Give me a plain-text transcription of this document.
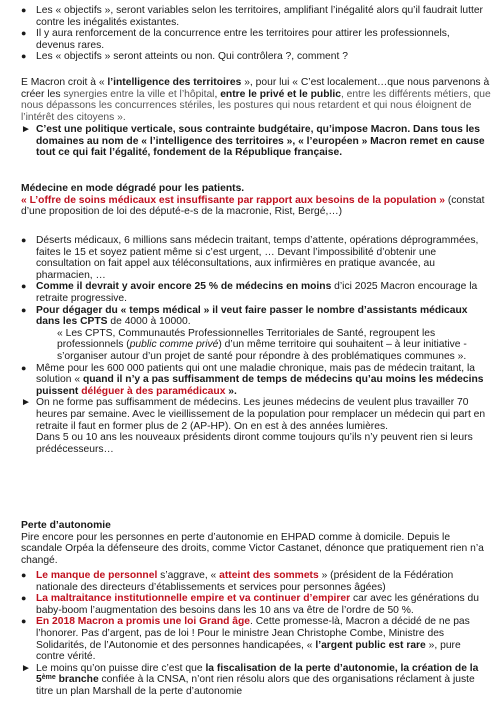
● Les « objectifs », seront variables selon les territoires, amplifiant l’inégalité alors qu’il faudrait lutter contre les inégalités existantes.

● Il y aura renforcement de la concurrence entre les territoires pour attirer les professionnels, devenus rares.

● Les « objectifs » seront atteints ou non. Qui contrôlera ?, comment ?

E Macron croit à « l’intelligence des territoires », pour lui « C’est localement…que nous parvenons à créer les synergies entre la ville et l’hôpital, entre le privé et le public, entre les différents métiers, que nous dépassons les concurrences stériles, les postures qui nous retardent et qui nous éloignent de l’intérêt des citoyens ».

► C’est une politique verticale, sous contrainte budgétaire, qu’impose Macron. Dans tous les domaines au nom de « l’intelligence des territoires », « l’européen » Macron remet en cause tout ce qui fait l’égalité, fondement de la République française.

Médecine en mode dégradé pour les patients.

« L’offre de soins médicaux est insuffisante par rapport aux besoins de la population » (constat d’une proposition de loi des député-e-s de la macronie, Rist, Bergé,…)

● Déserts médicaux, 6 millions sans médecin traitant, temps d’attente, opérations déprogrammées, faites le 15 et soyez patient même si c’est urgent, … Devant l’impossibilité d’obtenir une consultation on fait appel aux téléconsultations, aux infirmières en pratique avancée, au pharmacien, …

● Comme il devrait y avoir encore 25 % de médecins en moins d’ici 2025 Macron encourage la retraite progressive.

● Pour dégager du « temps médical » il veut faire passer le nombre d’assistants médicaux dans les CPTS de 4000 à 10000.

« Les CPTS, Communautés Professionnelles Territoriales de Santé, regroupent les professionnels (public comme privé) d’un même territoire qui souhaitent – à leur initiative - s’organiser autour d’un projet de santé pour répondre à des problématiques communes ».

● Même pour les 600 000 patients qui ont une maladie chronique, mais pas de médecin traitant, la solution « quand il n’y a pas suffisamment de temps de médecins qu’au moins les médecins puissent déléguer à des paramédicaux ».

► On ne forme pas suffisamment de médecins. Les jeunes médecins de veulent plus travailler 70 heures par semaine. Avec le vieillissement de la population pour remplacer un médecin qui part en retraite il faut en former plus de 2 (AP-HP). On en est à des années lumières.

Dans 5 ou 10 ans les nouveaux présidents diront comme toujours qu’ils n’y peuvent rien si leurs prédécesseurs…

Perte d’autonomie

Pire encore pour les personnes en perte d’autonomie en EHPAD comme à domicile. Depuis le scandale Orpéa la défenseure des droits, comme Victor Castanet, dénonce que pratiquement rien n’a changé.

● Le manque de personnel s’aggrave, « atteint des sommets » (président de la Fédération nationale des directeurs d’établissements et services pour personnes âgées)

● La maltraitance institutionnelle empire et va continuer d’empirer car avec les générations du baby-boom l’augmentation des besoins dans les 10 ans va être de l’ordre de 50 %.

● En 2018 Macron a promis une loi Grand âge. Cette promesse-là, Macron a décidé de ne pas l’honorer. Pas d’argent, pas de loi ! Pour le ministre Jean Christophe Combe, Ministre des Solidarités, de l’Autonomie et des personnes handicapées, « l’argent public est rare », pure contre vérité.

► Le moins qu’on puisse dire c’est que la fiscalisation de la perte d’autonomie, la création de la 5ème branche confiée à la CNSA, n’ont rien résolu alors que des organisations réclament à juste titre un plan Marshall de la perte d’autonomie
